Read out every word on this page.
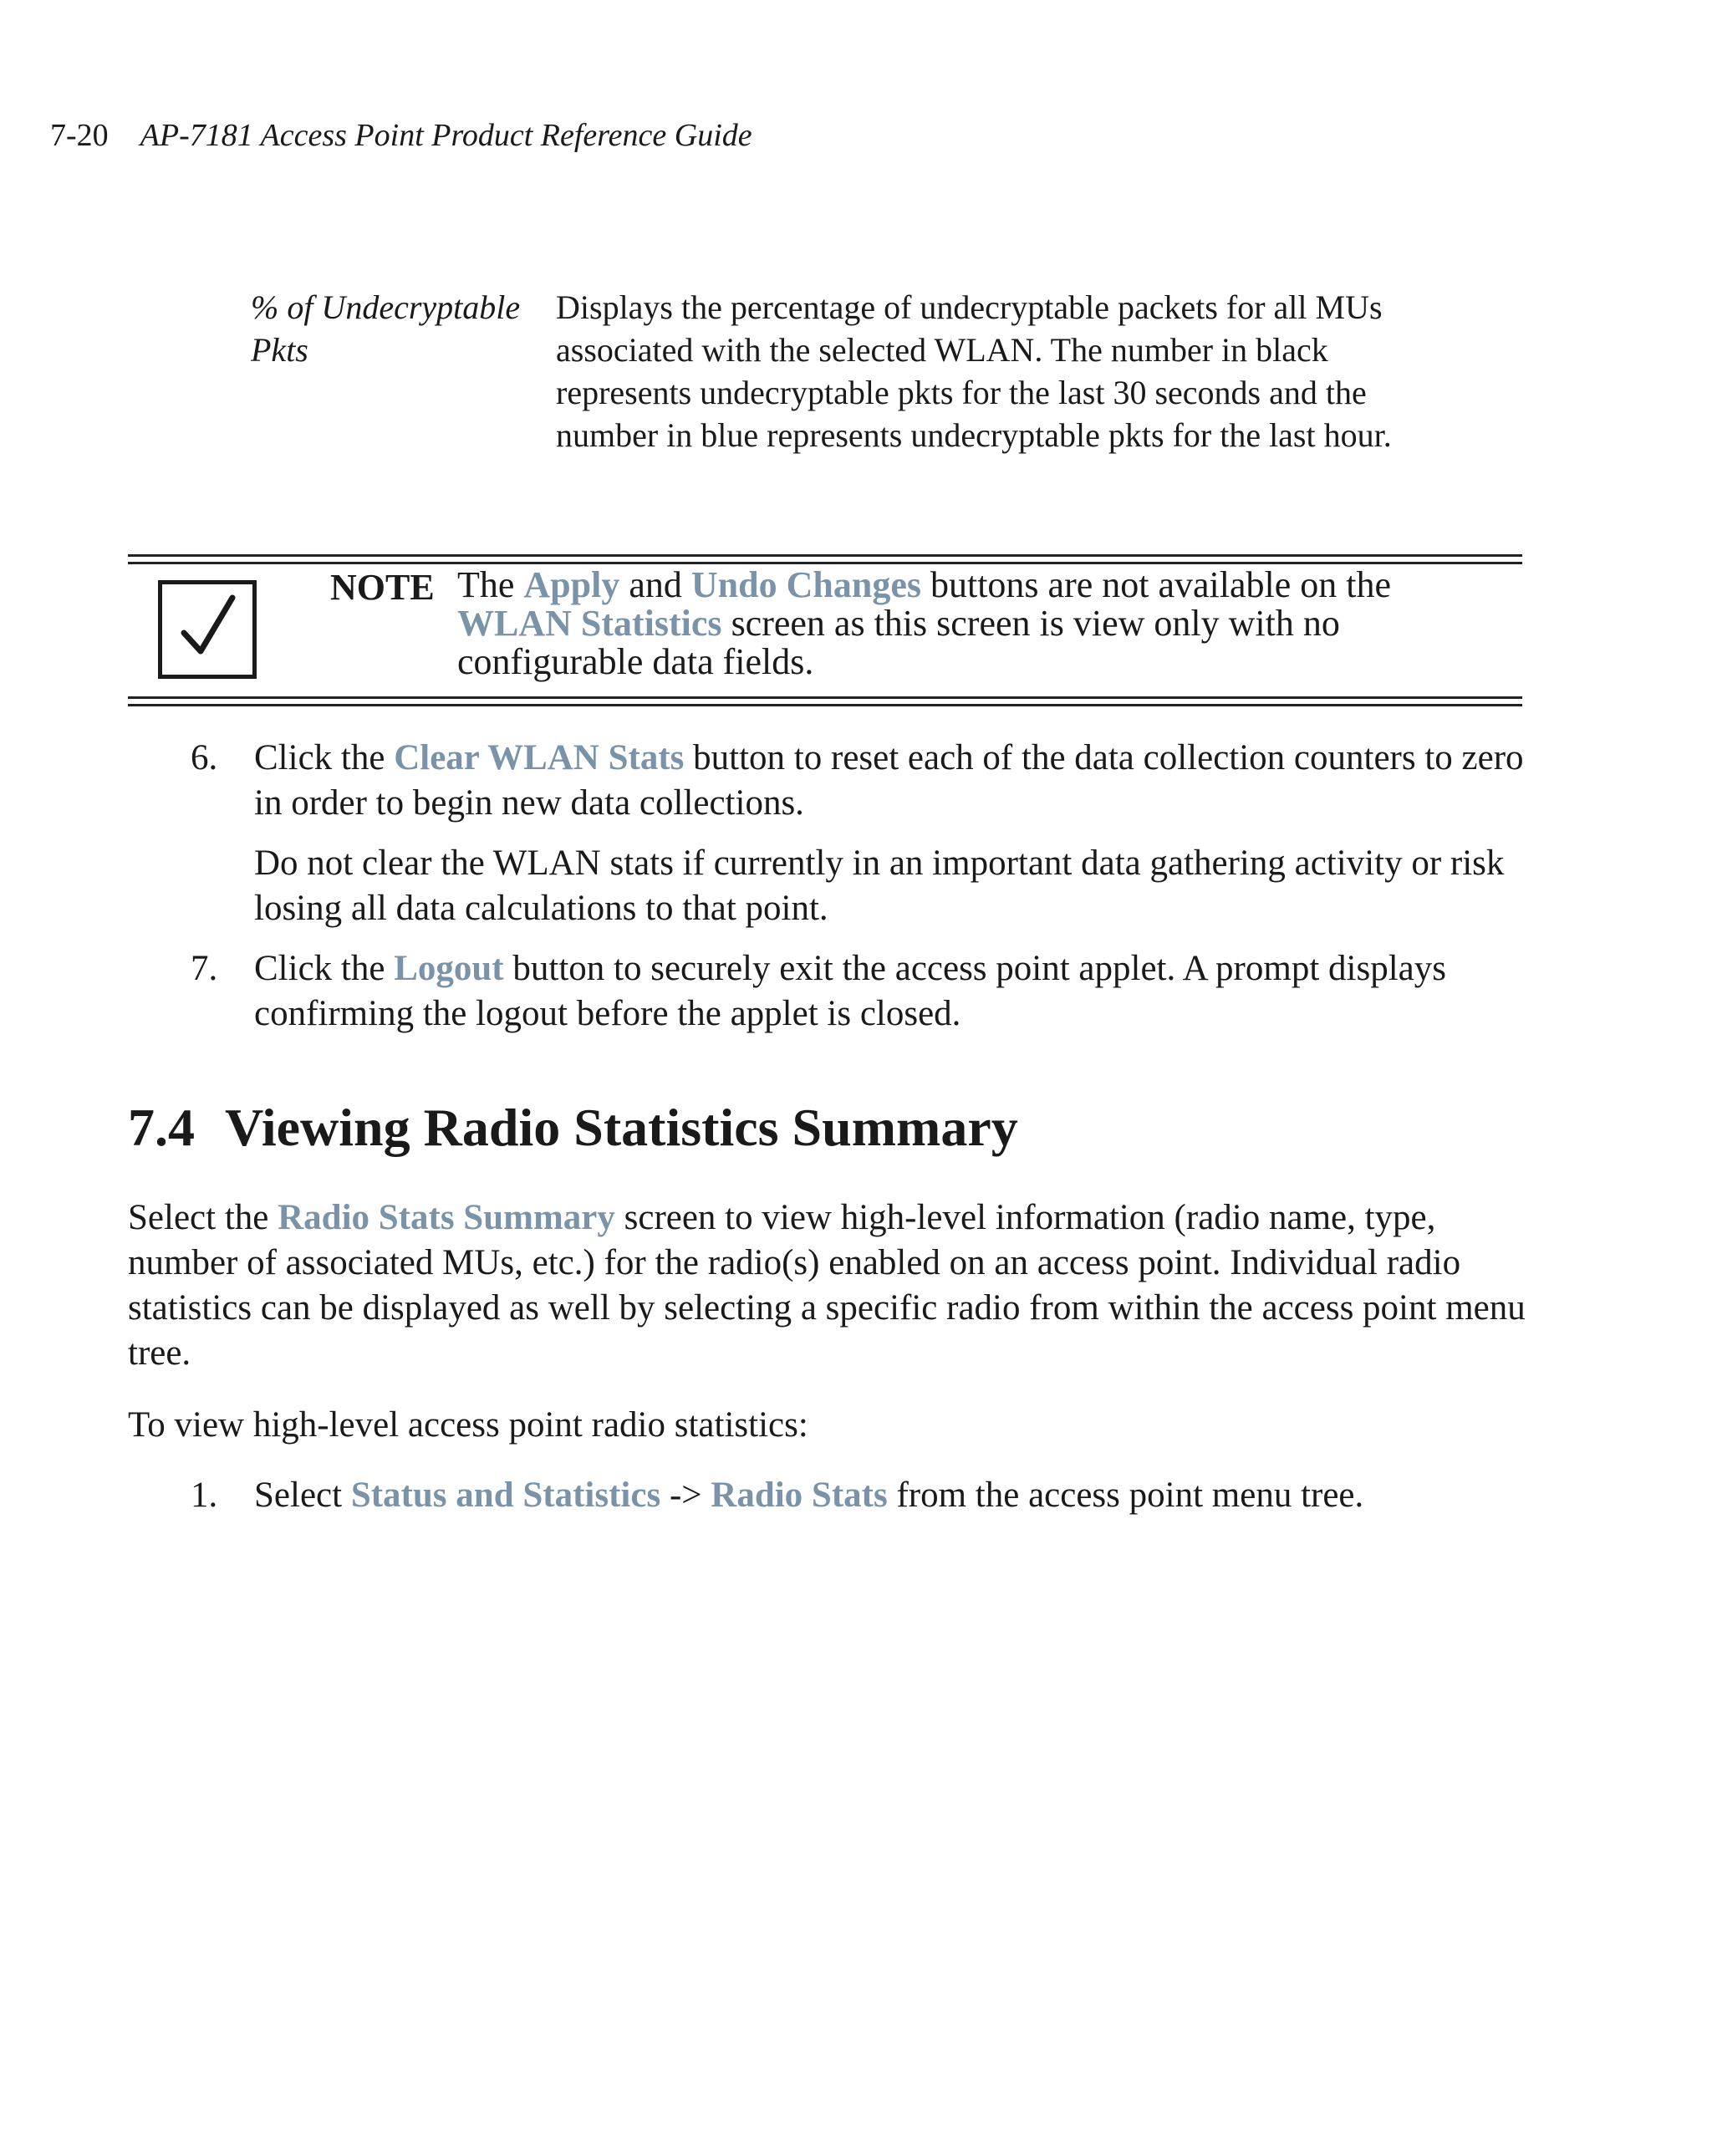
7-20 AP-7181 Access Point Product Reference Guide
% of Undecryptable Pkts
Displays the percentage of undecryptable packets for all MUs associated with the selected WLAN. The number in black represents undecryptable pkts for the last 30 seconds and the number in blue represents undecryptable pkts for the last hour.
NOTE The Apply and Undo Changes buttons are not available on the WLAN Statistics screen as this screen is view only with no configurable data fields.
6. Click the Clear WLAN Stats button to reset each of the data collection counters to zero in order to begin new data collections.
Do not clear the WLAN stats if currently in an important data gathering activity or risk losing all data calculations to that point.
7. Click the Logout button to securely exit the access point applet. A prompt displays confirming the logout before the applet is closed.
7.4 Viewing Radio Statistics Summary
Select the Radio Stats Summary screen to view high-level information (radio name, type, number of associated MUs, etc.) for the radio(s) enabled on an access point. Individual radio statistics can be displayed as well by selecting a specific radio from within the access point menu tree.
To view high-level access point radio statistics:
1. Select Status and Statistics -> Radio Stats from the access point menu tree.
